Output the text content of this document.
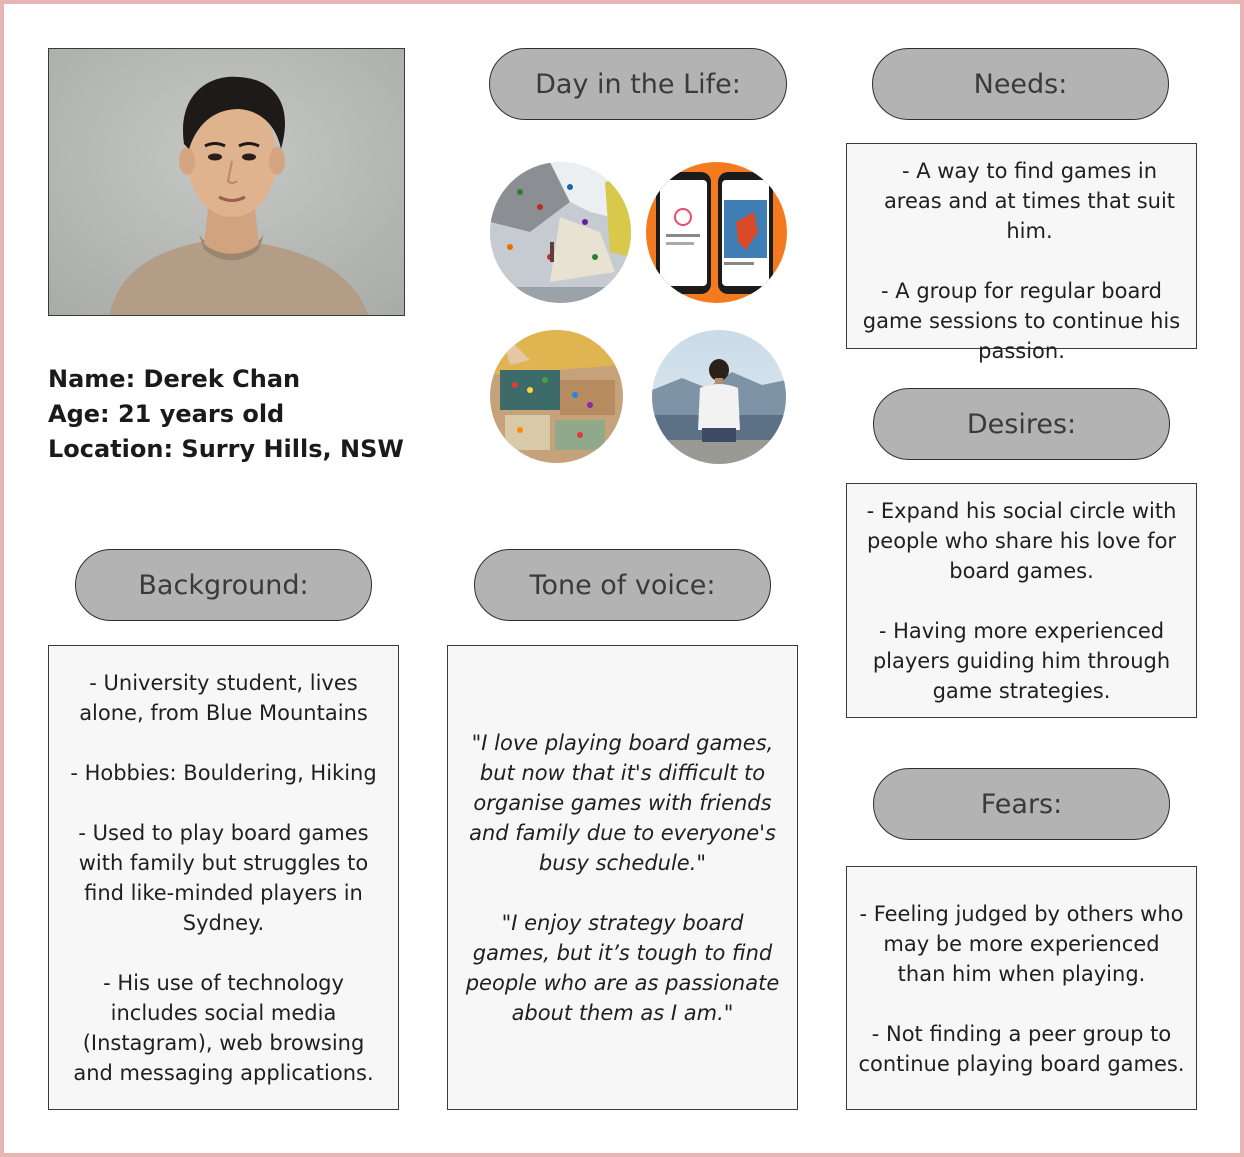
Name: Derek Chan
Age: 21 years old
Location: Surry Hills, NSW
Day in the Life:	Needs:

- A way to find games in areas and at times that suit him.

- A group for regular board game sessions to continue his passion.

Desires:

- Expand his social circle with people who share his love for board games.

- Having more experienced players guiding him through game strategies.

Fears:

- Feeling judged by others who may be more experienced than him when playing.

- Not finding a peer group to continue playing board games.

Background:

- University student, lives alone, from Blue Mountains

- Hobbies: Bouldering, Hiking

- Used to play board games with family but struggles to find like-minded players in Sydney.

- His use of technology includes social media (Instagram), web browsing and messaging applications.

Tone of voice:

"I love playing board games, but now that it's difficult to organise games with friends and family due to everyone's busy schedule."

"I enjoy strategy board games, but it’s tough to find people who are as passionate about them as I am."
